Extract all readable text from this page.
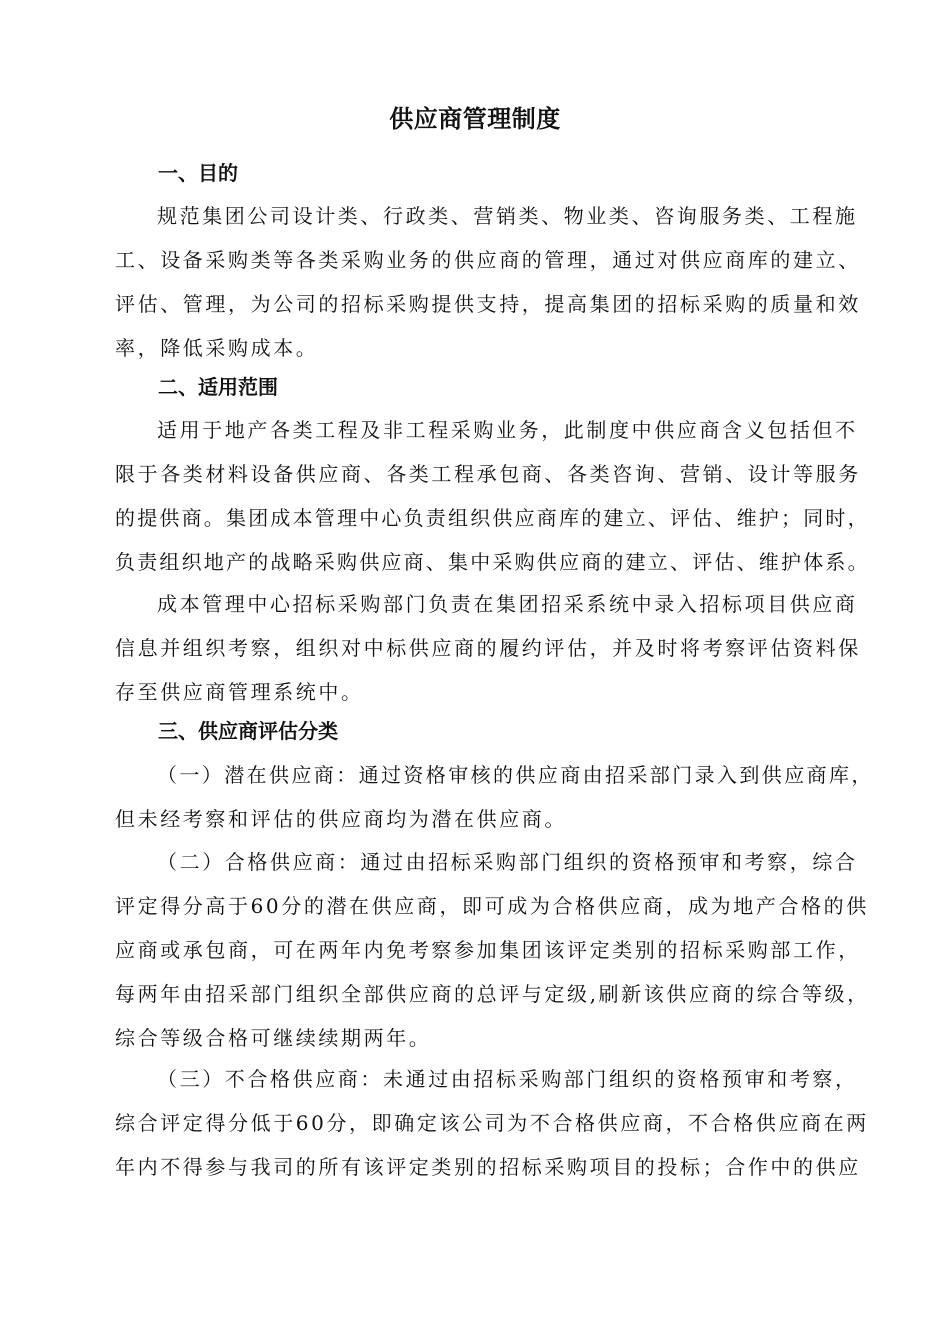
供应商管理制度
一、目的
规范集团公司设计类、行政类、营销类、物业类、咨询服务类、工程施
工、设备采购类等各类采购业务的供应商的管理，通过对供应商库的建立、
评估、管理，为公司的招标采购提供支持，提高集团的招标采购的质量和效
率，降低采购成本。
二、适用范围
适用于地产各类工程及非工程采购业务，此制度中供应商含义包括但不
限于各类材料设备供应商、各类工程承包商、各类咨询、营销、设计等服务
的提供商。集团成本管理中心负责组织供应商库的建立、评估、维护；同时，
负责组织地产的战略采购供应商、集中采购供应商的建立、评估、维护体系。
成本管理中心招标采购部门负责在集团招采系统中录入招标项目供应商
信息并组织考察，组织对中标供应商的履约评估，并及时将考察评估资料保
存至供应商管理系统中。
三、供应商评估分类
（一）潜在供应商：通过资格审核的供应商由招采部门录入到供应商库，
但未经考察和评估的供应商均为潜在供应商。
（二）合格供应商：通过由招标采购部门组织的资格预审和考察，综合
评定得分高于60分的潜在供应商，即可成为合格供应商，成为地产合格的供
应商或承包商，可在两年内免考察参加集团该评定类别的招标采购部工作，
每两年由招采部门组织全部供应商的总评与定级,刷新该供应商的综合等级，
综合等级合格可继续续期两年。
（三）不合格供应商：未通过由招标采购部门组织的资格预审和考察，
综合评定得分低于60分，即确定该公司为不合格供应商，不合格供应商在两
年内不得参与我司的所有该评定类别的招标采购项目的投标；合作中的供应
